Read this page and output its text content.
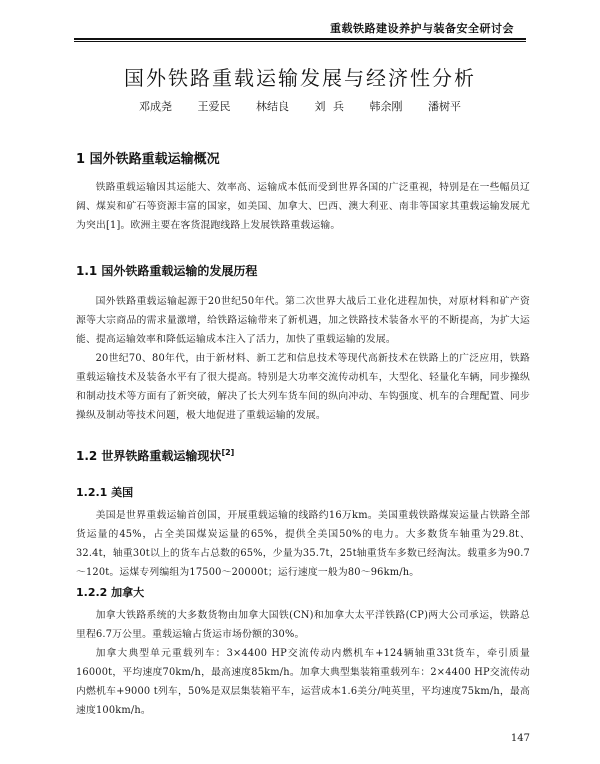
重载铁路建设养护与装备安全研讨会
国外铁路重载运输发展与经济性分析
邓成尧 王爱民 林结良 刘 兵 韩余刚 潘树平
1 国外铁路重载运输概况
铁路重载运输因其运能大、效率高、运输成本低而受到世界各国的广泛重视，特别是在一些幅员辽阔、煤炭和矿石等资源丰富的国家，如美国、加拿大、巴西、澳大利亚、南非等国家其重载运输发展尤为突出[1]。欧洲主要在客货混跑线路上发展铁路重载运输。
1.1 国外铁路重载运输的发展历程
国外铁路重载运输起源于20世纪50年代。第二次世界大战后工业化进程加快，对原材料和矿产资源等大宗商品的需求量激增，给铁路运输带来了新机遇，加之铁路技术装备水平的不断提高，为扩大运能、提高运输效率和降低运输成本注入了活力，加快了重载运输的发展。
20世纪70、80年代，由于新材料、新工艺和信息技术等现代高新技术在铁路上的广泛应用，铁路重载运输技术及装备水平有了很大提高。特别是大功率交流传动机车，大型化、轻量化车辆，同步操纵和制动技术等方面有了新突破，解决了长大列车货车间的纵向冲动、车钩强度、机车的合理配置、同步操纵及制动等技术问题，极大地促进了重载运输的发展。
1.2 世界铁路重载运输现状[2]
1.2.1 美国
美国是世界重载运输首创国，开展重载运输的线路约16万km。美国重载铁路煤炭运量占铁路全部货运量的45%，占全美国煤炭运量的65%，提供全美国50%的电力。大多数货车轴重为29.8t、32.4t，轴重30t以上的货车占总数的65%，少量为35.7t，25t轴重货车多数已经淘汰。载重多为90.7～120t。运煤专列编组为17500～20000t；运行速度一般为80～96km/h。
1.2.2 加拿大
加拿大铁路系统的大多数货物由加拿大国铁(CN)和加拿大太平洋铁路(CP)两大公司承运，铁路总里程6.7万公里。重载运输占货运市场份额的30%。
加拿大典型单元重载列车：3×4400 HP交流传动内燃机车+124辆轴重33t货车，牵引质量16000t，平均速度70km/h，最高速度85km/h。加拿大典型集装箱重载列车：2×4400 HP交流传动内燃机车+9000 t列车，50%是双层集装箱平车，运营成本1.6美分/吨英里，平均速度75km/h，最高速度100km/h。
147
